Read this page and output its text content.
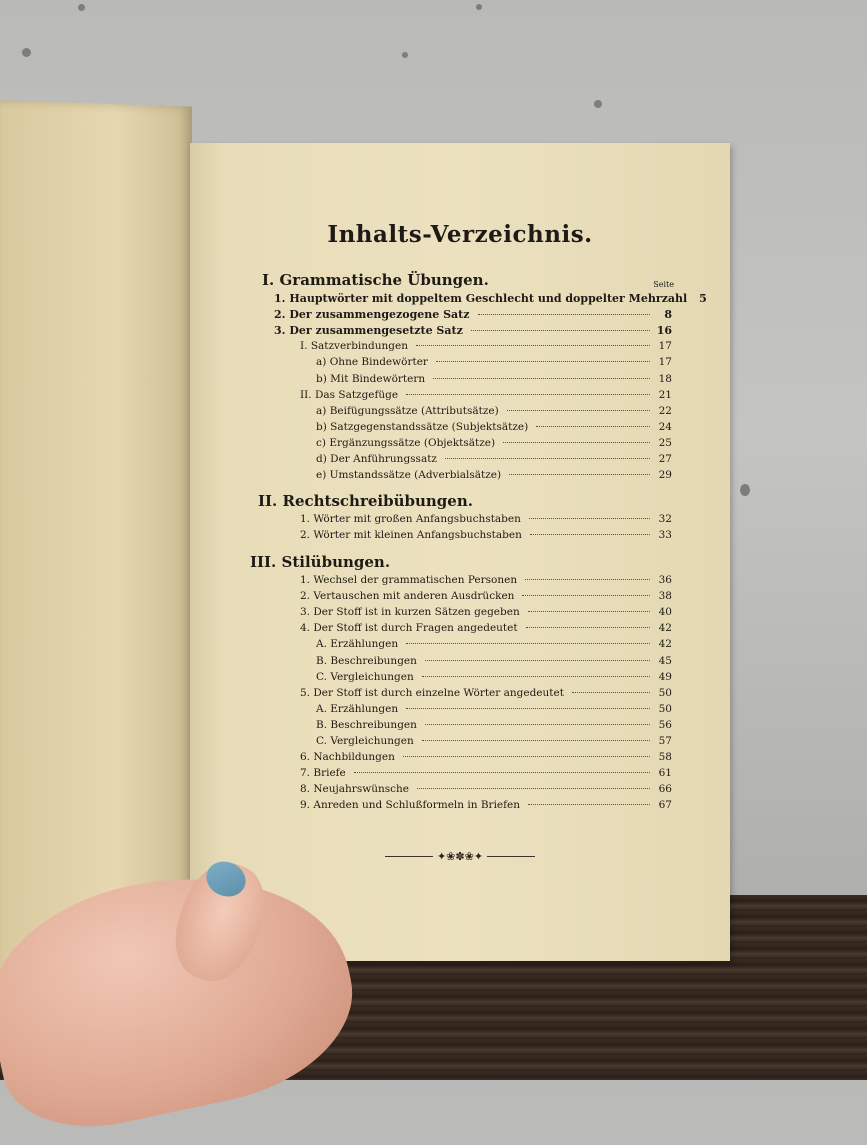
Inhalts-Verzeichnis.
Seite
✦❀✽❀✦
I. Grammatische Übungen.
1. Hauptwörter mit doppeltem Geschlecht und doppelter Mehrzahl	5
2. Der zusammengezogene Satz	8
3. Der zusammengesetzte Satz	16
I. Satzverbindungen	17
a) Ohne Bindewörter	17
b) Mit Bindewörtern	18
II. Das Satzgefüge	21
a) Beifügungssätze (Attributsätze)	22
b) Satzgegenstandssätze (Subjektsätze)	24
c) Ergänzungssätze (Objektsätze)	25
d) Der Anführungssatz	27
e) Umstandssätze (Adverbialsätze)	29
II. Rechtschreibübungen.
1. Wörter mit großen Anfangsbuchstaben	32
2. Wörter mit kleinen Anfangsbuchstaben	33
III. Stilübungen.
1. Wechsel der grammatischen Personen	36
2. Vertauschen mit anderen Ausdrücken	38
3. Der Stoff ist in kurzen Sätzen gegeben	40
4. Der Stoff ist durch Fragen angedeutet	42
A. Erzählungen	42
B. Beschreibungen	45
C. Vergleichungen	49
5. Der Stoff ist durch einzelne Wörter angedeutet	50
A. Erzählungen	50
B. Beschreibungen	56
C. Vergleichungen	57
6. Nachbildungen	58
7. Briefe	61
8. Neujahrswünsche	66
9. Anreden und Schlußformeln in Briefen	67
